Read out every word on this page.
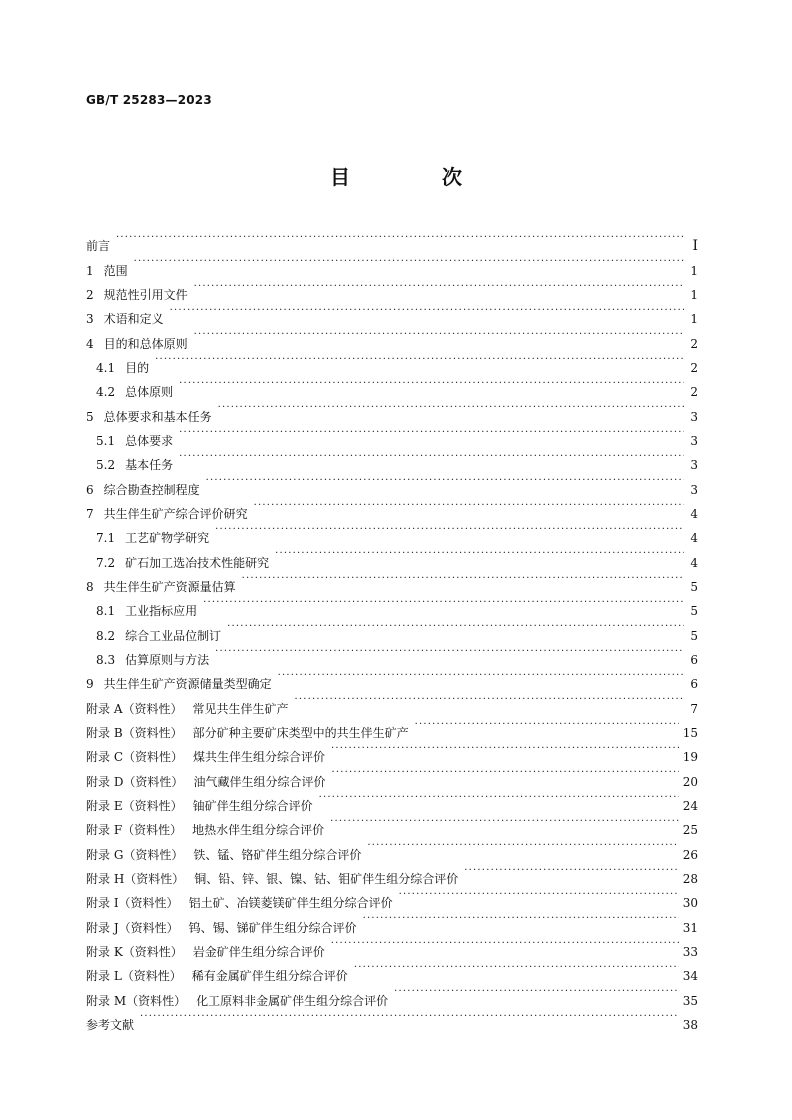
GB/T 25283—2023
目　次
前言 ·····	Ⅰ
1 范围 ·····	1
2 规范性引用文件 ·····	1
3 术语和定义 ·····	1
4 目的和总体原则 ·····	2
4.1 目的 ·····	2
4.2 总体原则 ·····	2
5 总体要求和基本任务 ·····	3
5.1 总体要求 ·····	3
5.2 基本任务 ·····	3
6 综合勘查控制程度 ·····	3
7 共生伴生矿产综合评价研究 ·····	4
7.1 工艺矿物学研究 ·····	4
7.2 矿石加工选冶技术性能研究 ·····	4
8 共生伴生矿产资源量估算 ·····	5
8.1 工业指标应用 ·····	5
8.2 综合工业品位制订 ·····	5
8.3 估算原则与方法 ·····	6
9 共生伴生矿产资源储量类型确定 ·····	6
附录 A（资料性） 常见共生伴生矿产 ·····	7
附录 B（资料性） 部分矿种主要矿床类型中的共生伴生矿产 ·····	15
附录 C（资料性） 煤共生伴生组分综合评价 ·····	19
附录 D（资料性） 油气藏伴生组分综合评价 ·····	20
附录 E（资料性） 铀矿伴生组分综合评价 ·····	24
附录 F（资料性） 地热水伴生组分综合评价 ·····	25
附录 G（资料性） 铁、锰、铬矿伴生组分综合评价 ·····	26
附录 H（资料性） 铜、铅、锌、银、镍、钴、钼矿伴生组分综合评价 ·····	28
附录 I（资料性） 铝土矿、冶镁菱镁矿伴生组分综合评价 ·····	30
附录 J（资料性） 钨、锡、锑矿伴生组分综合评价 ·····	31
附录 K（资料性） 岩金矿伴生组分综合评价 ·····	33
附录 L（资料性） 稀有金属矿伴生组分综合评价 ·····	34
附录 M（资料性） 化工原料非金属矿伴生组分综合评价 ·····	35
参考文献 ·····	38
